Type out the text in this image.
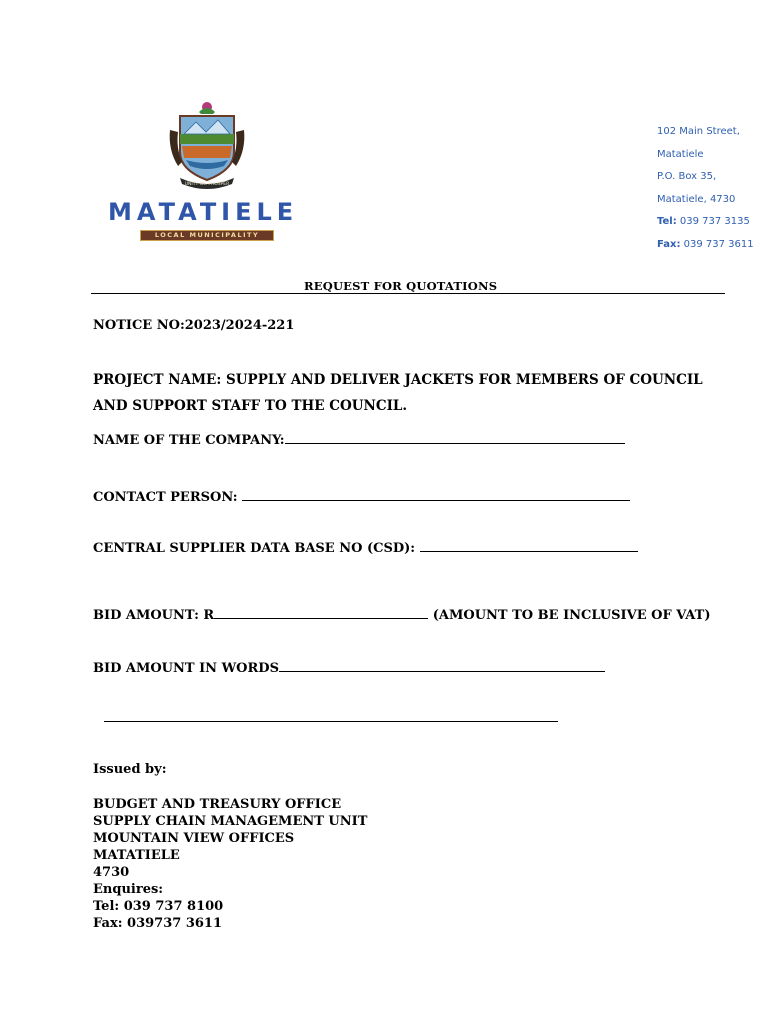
UNITY WE PROSPER
MATATIELE
LOCAL MUNICIPALITY
102 Main Street,
Matatiele
P.O. Box 35,
Matatiele, 4730
Tel: 039 737 3135
Fax: 039 737 3611
REQUEST FOR QUOTATIONS
NOTICE NO:2023/2024-221
PROJECT NAME: SUPPLY AND DELIVER JACKETS FOR MEMBERS OF COUNCIL AND SUPPORT STAFF TO THE COUNCIL.
NAME OF THE COMPANY:
CONTACT PERSON:
CENTRAL SUPPLIER DATA BASE NO (CSD):
BID AMOUNT: R	(AMOUNT TO BE INCLUSIVE OF VAT)
BID AMOUNT IN WORDS
Issued by:
BUDGET AND TREASURY OFFICE
SUPPLY CHAIN MANAGEMENT UNIT
MOUNTAIN VIEW OFFICES
MATATIELE
4730
Enquires:
Tel: 039 737 8100
Fax: 039737 3611
